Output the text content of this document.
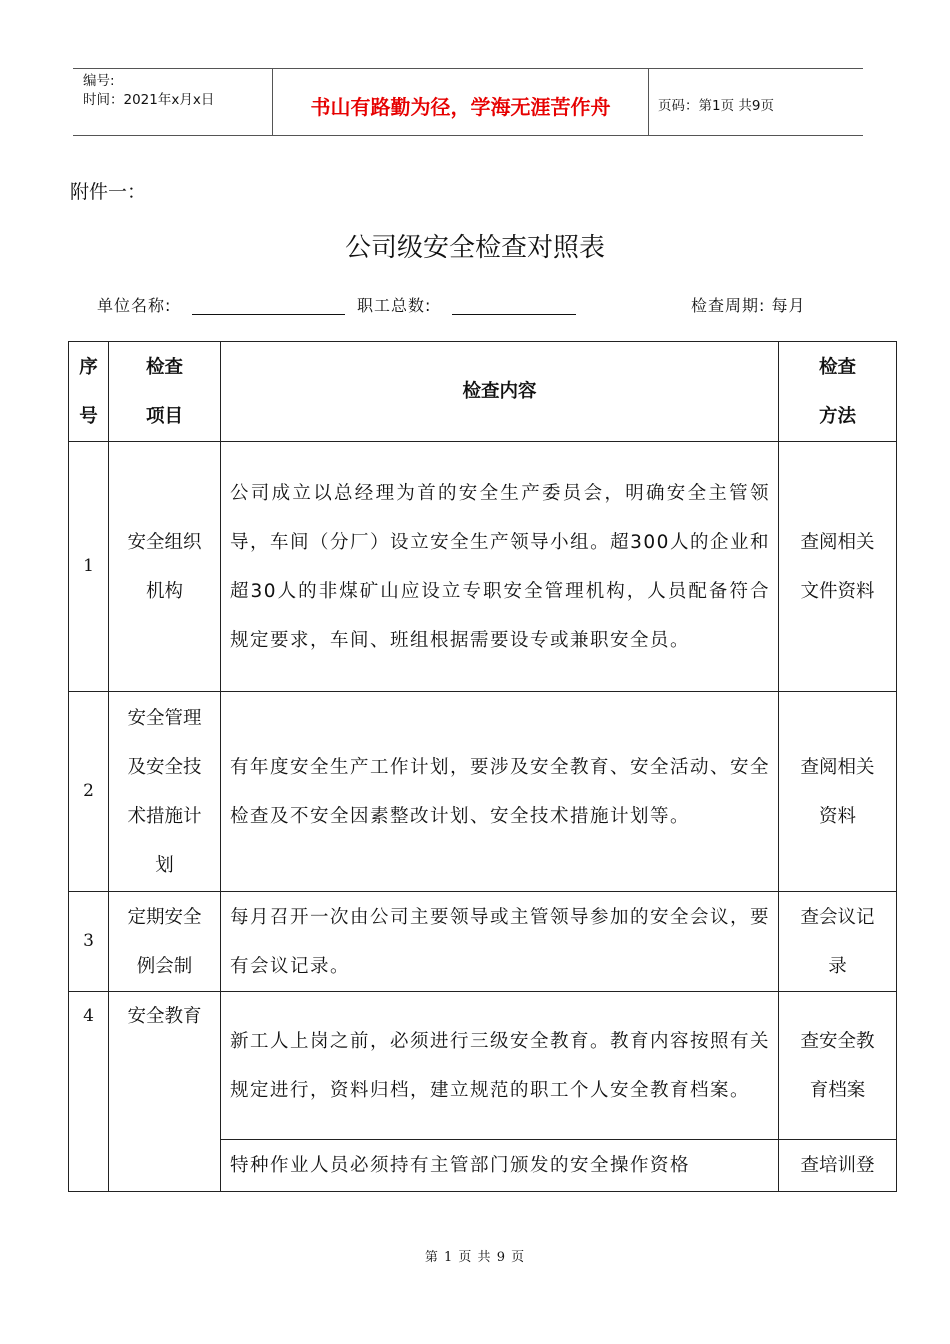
编号:
时间：2021年x月x日	书山有路勤为径，学海无涯苦作舟	页码：第1页 共9页
附件一：
公司级安全检查对照表
单位名称:	职工总数:	检查周期: 每月
序号	检查项目	检查内容	检查方法

1	安全组织机构	公司成立以总经理为首的安全生产委员会，明确安全主管领导，车间（分厂）设立安全生产领导小组。超300人的企业和超30人的非煤矿山应设立专职安全管理机构，人员配备符合规定要求，车间、班组根据需要设专或兼职安全员。	查阅相关文件资料

2	安全管理及安全技术措施计划	有年度安全生产工作计划，要涉及安全教育、安全活动、安全检查及不安全因素整改计划、安全技术措施计划等。	查阅相关资料

3	定期安全例会制	每月召开一次由公司主要领导或主管领导参加的安全会议，要有会议记录。	查会议记录

4	安全教育	新工人上岗之前，必须进行三级安全教育。教育内容按照有关规定进行，资料归档，建立规范的职工个人安全教育档案。	查安全教育档案

		特种作业人员必须持有主管部门颁发的安全操作资格	查培训登
第 1 页 共 9 页
